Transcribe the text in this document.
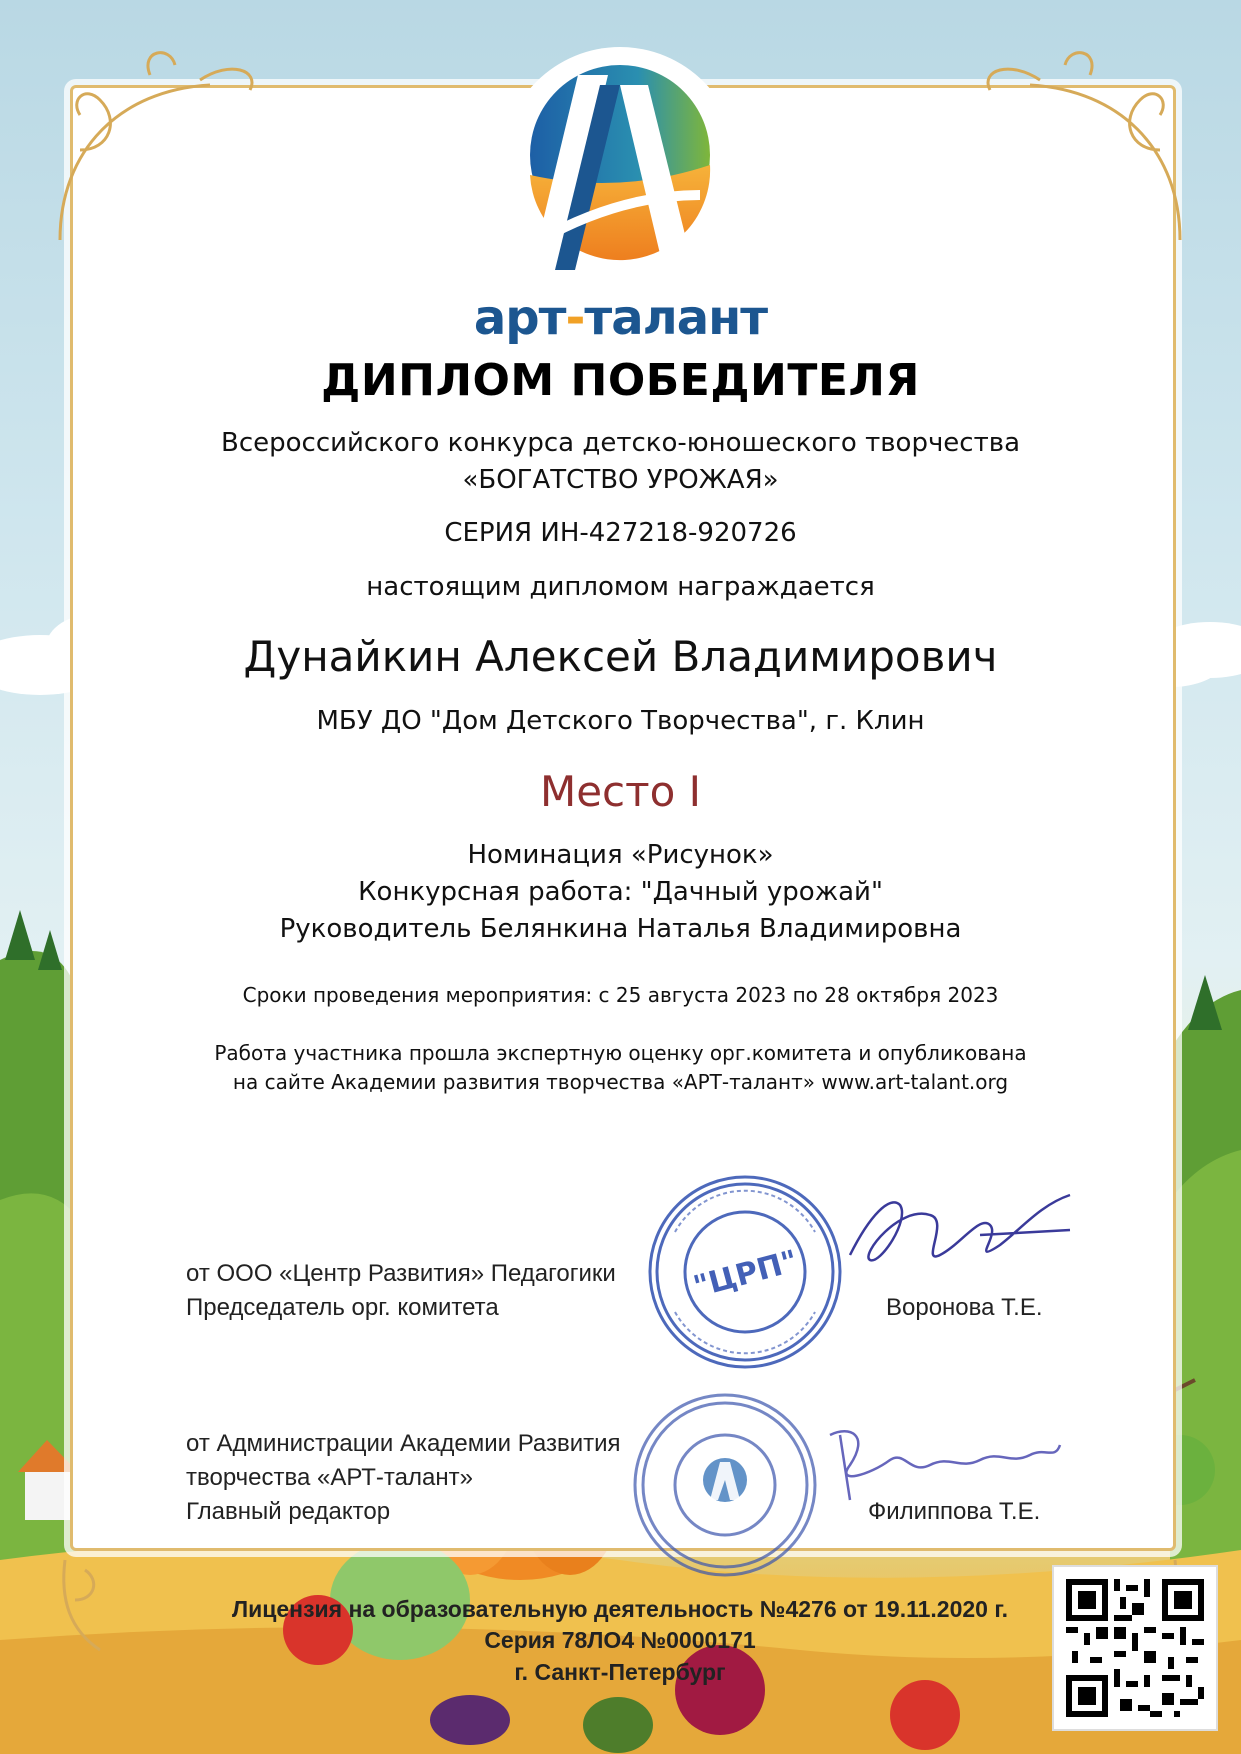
арт-талант
ДИПЛОМ ПОБЕДИТЕЛЯ
Всероссийского конкурса детско-юношеского творчества
«БОГАТСТВО УРОЖАЯ»
СЕРИЯ ИН-427218-920726
настоящим дипломом награждается
Дунайкин Алексей Владимирович
МБУ ДО "Дом Детского Творчества", г. Клин
Место I
Номинация «Рисунок»
Конкурсная работа: "Дачный урожай"
Руководитель Белянкина Наталья Владимировна
Сроки проведения мероприятия: с 25 августа 2023 по 28 октября 2023
Работа участника прошла экспертную оценку орг.комитета и опубликована
на сайте Академии развития творчества «АРТ-талант» www.art-talant.org
"ЦРП"
от ООО «Центр Развития» Педагогики
Председатель орг. комитета	Воронова Т.Е.
от Администрации Академии Развития
творчества «АРТ-талант»
Главный редактор	Филиппова Т.Е.
Лицензия на образовательную деятельность №4276 от 19.11.2020 г.
Серия 78ЛО4 №0000171
г. Санкт-Петербург
